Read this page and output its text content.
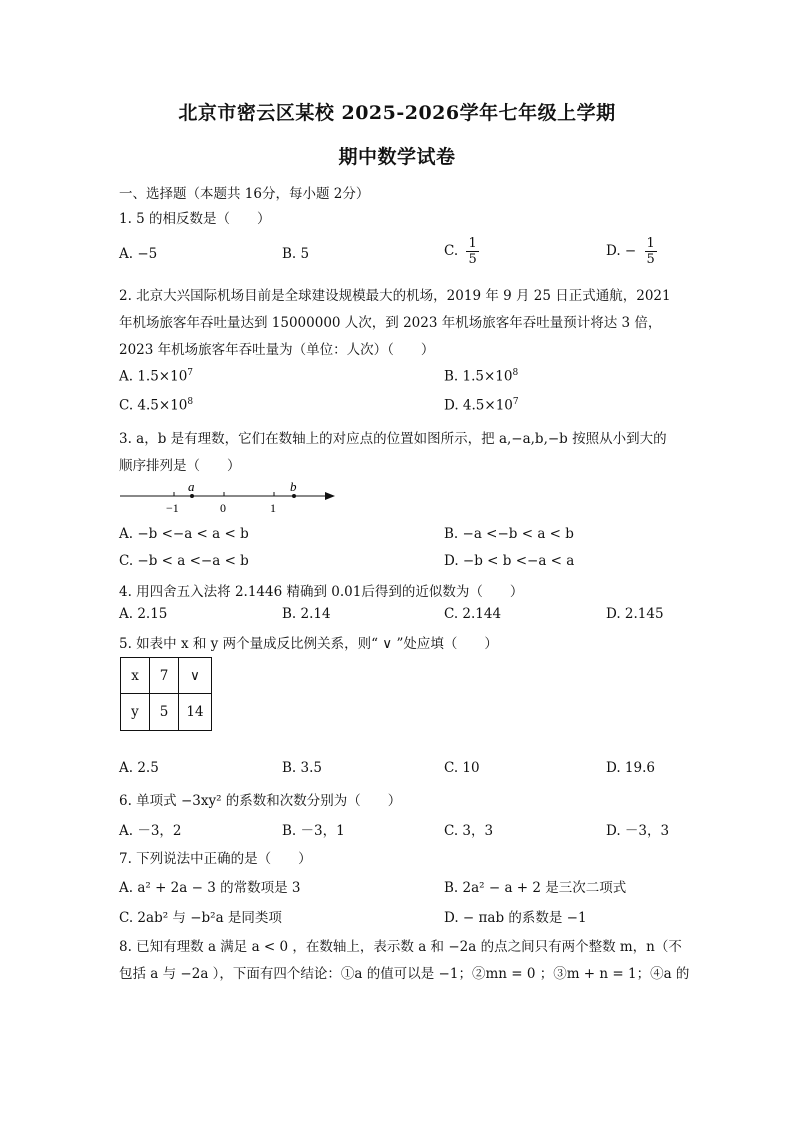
北京市密云区某校 2025-2026学年七年级上学期
期中数学试卷
一、选择题（本题共 16分，每小题 2分）
1. 5 的相反数是（　　）
A. −5	B. 5	C. $\frac{1}{5}$	D. − $\frac{1}{5}$
2. 北京大兴国际机场目前是全球建设规模最大的机场，2019 年 9 月 25 日正式通航，2021
年机场旅客年吞吐量达到 15000000 人次，到 2023 年机场旅客年吞吐量预计将达 3 倍，
2023 年机场旅客年吞吐量为（单位：人次）（　　）
A. $1.5\times 10^7$	B. $1.5\times 10^8$
C. $4.5\times 10^8$	D. $4.5\times 10^7$
3. a，b 是有理数，它们在数轴上的对应点的位置如图所示，把 a,−a,b,−b 按照从小到大的
顺序排列是（　　）
a	b
−1	0	1
A. −b <−a < a < b	B. −a <−b < a < b
C. −b < a <−a < b	D. −b < b <−a < a
4. 用四舍五入法将 2.1446 精确到 0.01后得到的近似数为（　　）
A. 2.15	B. 2.14	C. 2.144	D. 2.145
5. 如表中 x 和 y 两个量成反比例关系，则“ ∨ ”处应填（　　）
x	7	∨
y	5	14
A. 2.5	B. 3.5	C. 10	D. 19.6
6. 单项式 −3xy² 的系数和次数分别为（　　）
A. －3，2	B. －3，1	C. 3，3	D. －3，3
7. 下列说法中正确的是（　　）
A. a² + 2a − 3 的常数项是 3	B. 2a² − a + 2 是三次二项式
C. 2ab² 与 −b²a 是同类项	D. − πab 的系数是 −1
8. 已知有理数 a 满足 a < 0 ，在数轴上，表示数 a 和 −2a 的点之间只有两个整数 m，n（不
包括 a 与 −2a ），下面有四个结论：①a 的值可以是 −1；②mn = 0 ；③m + n = 1；④a 的
